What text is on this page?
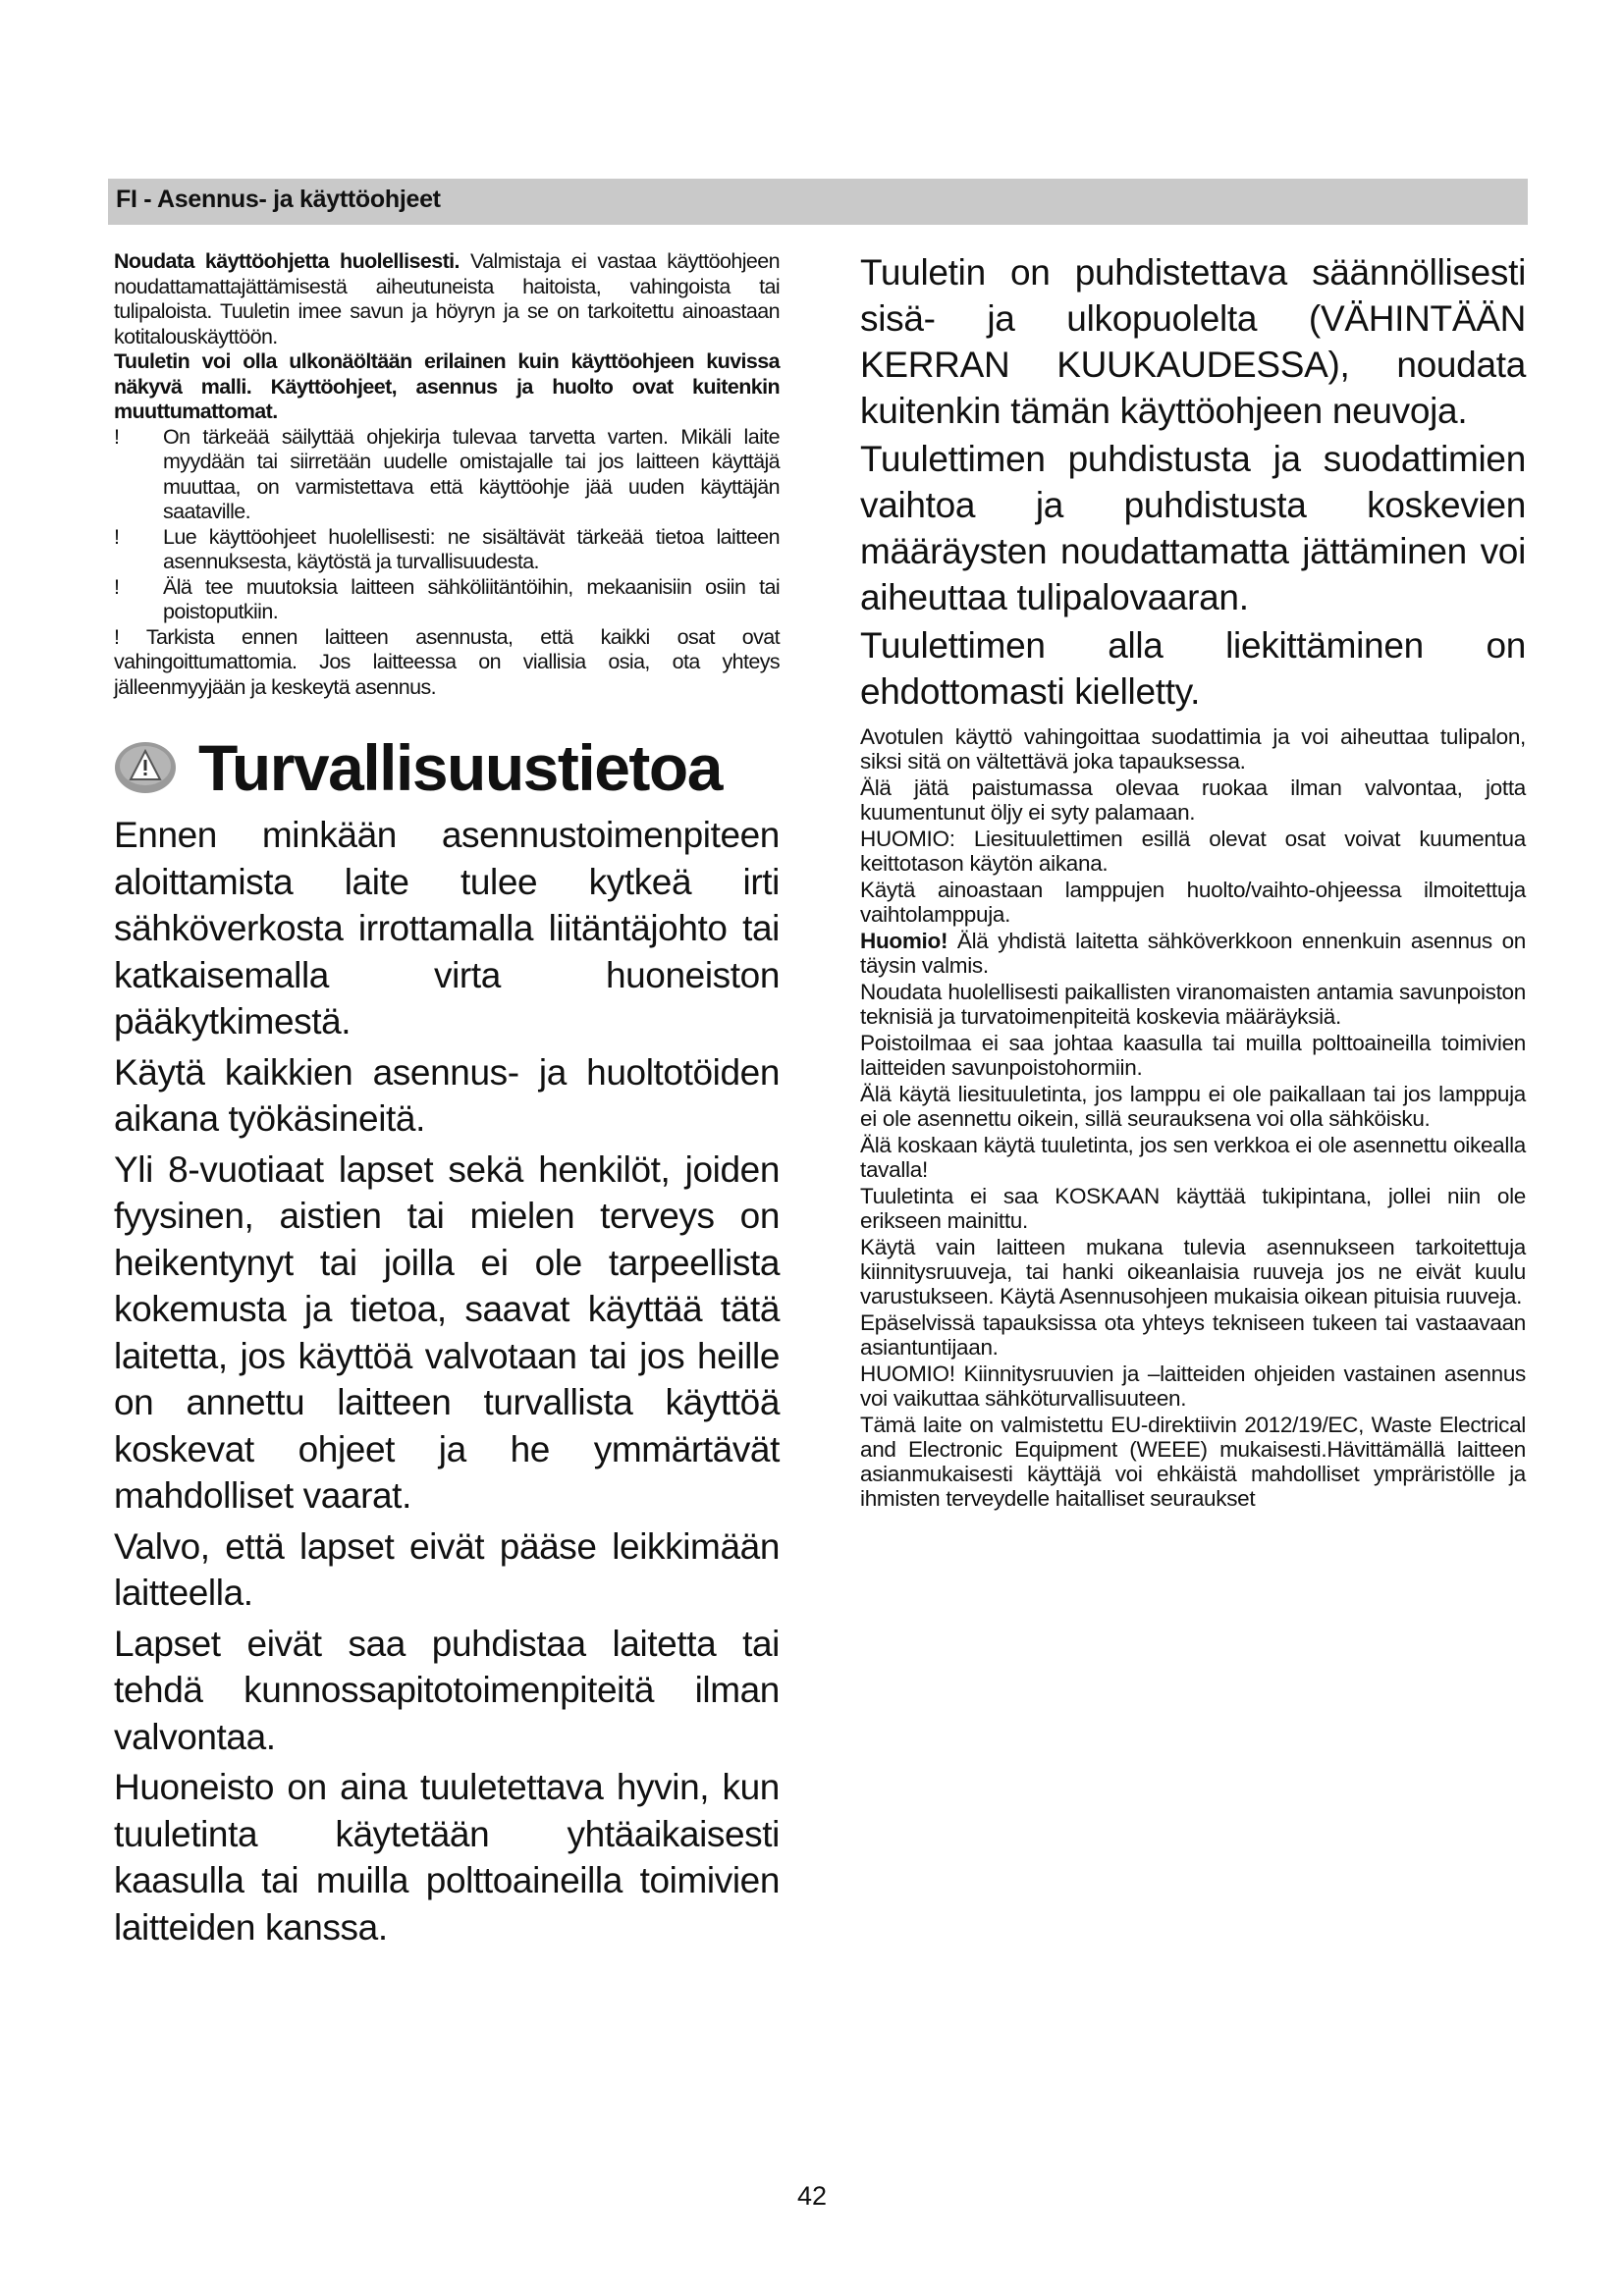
FI - Asennus- ja käyttöohjeet

Noudata käyttöohjetta huolellisesti. Valmistaja ei vastaa käyttöohjeen noudattamattajättämisestä aiheutuneista haitoista, vahingoista tai tulipaloista. Tuuletin imee savun ja höyryn ja se on tarkoitettu ainoastaan kotitalouskäyttöön.

Tuuletin voi olla ulkonäöltään erilainen kuin käyttöohjeen kuvissa näkyvä malli. Käyttöohjeet, asennus ja huolto ovat kuitenkin muuttumattomat.

! On tärkeää säilyttää ohjekirja tulevaa tarvetta varten. Mikäli laite myydään tai siirretään uudelle omistajalle tai jos laitteen käyttäjä muuttaa, on varmistettava että käyttöohje jää uuden käyttäjän saataville.

! Lue käyttöohjeet huolellisesti: ne sisältävät tärkeää tietoa laitteen asennuksesta, käytöstä ja turvallisuudesta.

! Älä tee muutoksia laitteen sähköliitäntöihin, mekaanisiin osiin tai poistoputkiin.

! Tarkista ennen laitteen asennusta, että kaikki osat ovat vahingoittumattomia. Jos laitteessa on viallisia osia, ota yhteys jälleenmyyjään ja keskeytä asennus.

Turvallisuustietoa

Ennen minkään asennustoimenpiteen aloittamista laite tulee kytkeä irti sähköverkosta irrottamalla liitäntäjohto tai katkaisemalla virta huoneiston pääkytkimestä.

Käytä kaikkien asennus- ja huoltotöiden aikana työkäsineitä.

Yli 8-vuotiaat lapset sekä henkilöt, joiden fyysinen, aistien tai mielen terveys on heikentynyt tai joilla ei ole tarpeellista kokemusta ja tietoa, saavat käyttää tätä laitetta, jos käyttöä valvotaan tai jos heille on annettu laitteen turvallista käyttöä koskevat ohjeet ja he ymmärtävät mahdolliset vaarat.

Valvo, että lapset eivät pääse leikkimään laitteella.

Lapset eivät saa puhdistaa laitetta tai tehdä kunnossapitotoimenpiteitä ilman valvontaa.

Huoneisto on aina tuuletettava hyvin, kun tuuletinta käytetään yhtäaikaisesti kaasulla tai muilla polttoaineilla toimivien laitteiden kanssa.

Tuuletin on puhdistettava säännöllisesti sisä- ja ulkopuolelta (VÄHINTÄÄN KERRAN KUUKAUDESSA), noudata kuitenkin tämän käyttöohjeen neuvoja.

Tuulettimen puhdistusta ja suodattimien vaihtoa ja puhdistusta koskevien määräysten noudattamatta jättäminen voi aiheuttaa tulipalovaaran.

Tuulettimen alla liekittäminen on ehdottomasti kielletty.

Avotulen käyttö vahingoittaa suodattimia ja voi aiheuttaa tulipalon, siksi sitä on vältettävä joka tapauksessa.

Älä jätä paistumassa olevaa ruokaa ilman valvontaa, jotta kuumentunut öljy ei syty palamaan.

HUOMIO: Liesituulettimen esillä olevat osat voivat kuumentua keittotason käytön aikana.

Käytä ainoastaan lamppujen huolto/vaihto-ohjeessa ilmoitettuja vaihtolamppuja.

Huomio! Älä yhdistä laitetta sähköverkkoon ennenkuin asennus on täysin valmis.

Noudata huolellisesti paikallisten viranomaisten antamia savunpoiston teknisiä ja turvatoimenpiteitä koskevia määräyksiä.

Poistoilmaa ei saa johtaa kaasulla tai muilla polttoaineilla toimivien laitteiden savunpoistohormiin.

Älä käytä liesituuletinta, jos lamppu ei ole paikallaan tai jos lamppuja ei ole asennettu oikein, sillä seurauksena voi olla sähköisku.

Älä koskaan käytä tuuletinta, jos sen verkkoa ei ole asennettu oikealla tavalla!

Tuuletinta ei saa KOSKAAN käyttää tukipintana, jollei niin ole erikseen mainittu.

Käytä vain laitteen mukana tulevia asennukseen tarkoitettuja kiinnitysruuveja, tai hanki oikeanlaisia ruuveja jos ne eivät kuulu varustukseen. Käytä Asennusohjeen mukaisia oikean pituisia ruuveja.

Epäselvissä tapauksissa ota yhteys tekniseen tukeen tai vastaavaan asiantuntijaan.

HUOMIO! Kiinnitysruuvien ja –laitteiden ohjeiden vastainen asennus voi vaikuttaa sähköturvallisuuteen.

Tämä laite on valmistettu EU-direktiivin 2012/19/EC, Waste Electrical and Electronic Equipment (WEEE) mukaisesti.Hävittämällä laitteen asianmukaisesti käyttäjä voi ehkäistä mahdolliset ympräristölle ja ihmisten terveydelle haitalliset seuraukset

42
